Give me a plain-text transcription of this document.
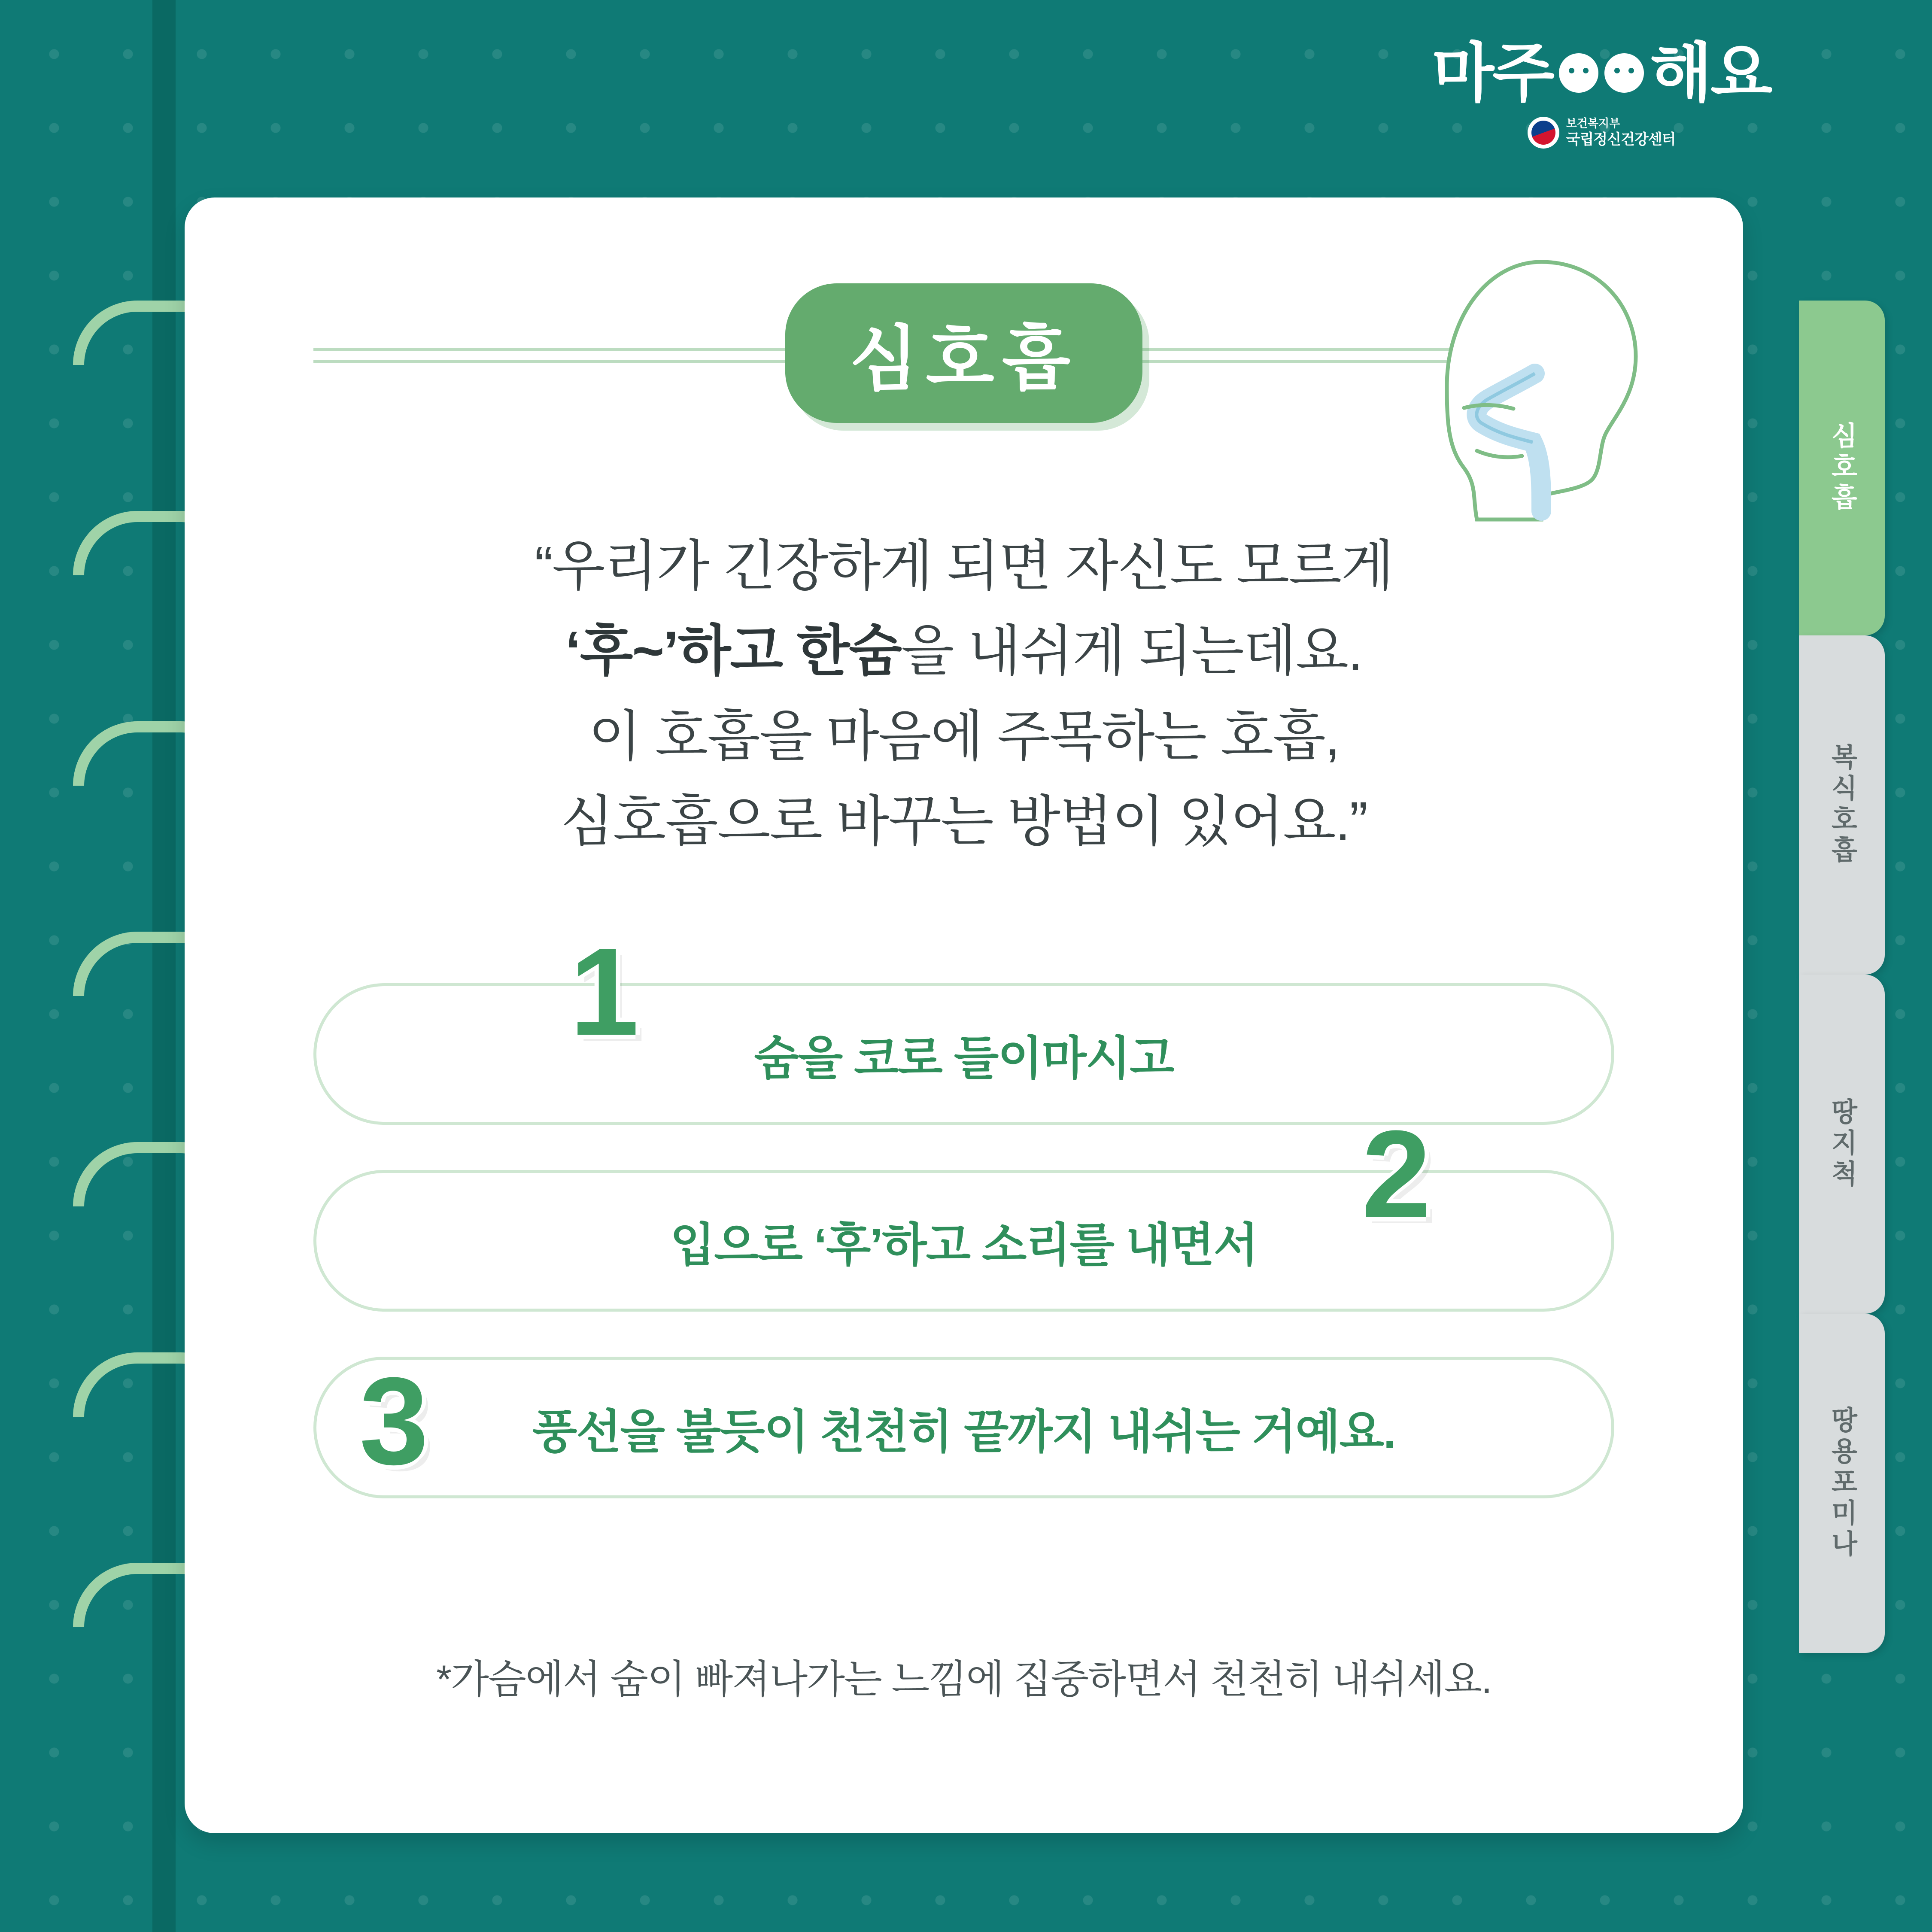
마주 해요
보건복지부
국립정신건강센터
심호흡
복식호흡
땅지척
땅용포미나
심호흡
“우리가 긴장하게 되면 자신도 모르게
‘후~’하고 한숨을 내쉬게 되는데요.
이 호흡을 마음에 주목하는 호흡,
심호흡으로 바꾸는 방법이 있어요.”
1 숨을 코로 들이마시고
2
입으로 ‘후’하고 소리를 내면서
3 풍선을 불듯이 천천히 끝까지 내쉬는 거예요.
*가슴에서 숨이 빠져나가는 느낌에 집중하면서 천천히 내쉬세요.
